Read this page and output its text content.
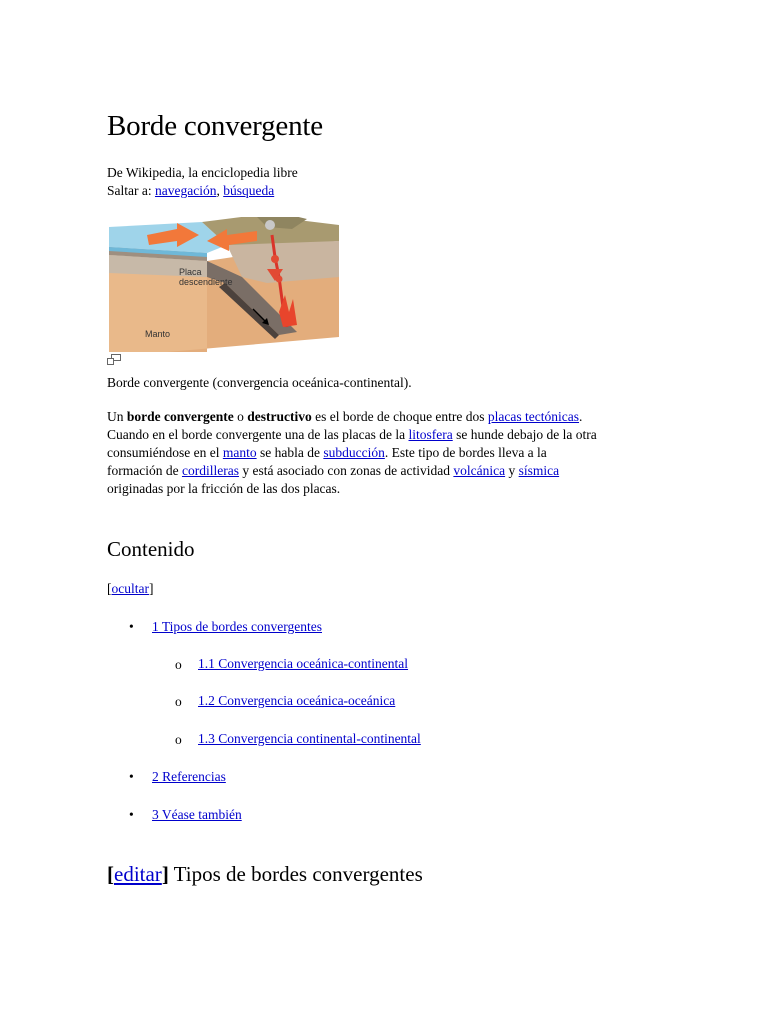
Borde convergente
De Wikipedia, la enciclopedia libre
Saltar a: navegación, búsqueda
Placa
descendiente
Manto
Borde convergente (convergencia oceánica-continental).
Un borde convergente o destructivo es el borde de choque entre dos placas tectónicas.
Cuando en el borde convergente una de las placas de la litosfera se hunde debajo de la otra
consumiéndose en el manto se habla de subducción. Este tipo de bordes lleva a la
formación de cordilleras y está asociado con zonas de actividad volcánica y sísmica
originadas por la fricción de las dos placas.
Contenido
[ocultar]
• 1 Tipos de bordes convergentes
o 1.1 Convergencia oceánica-continental
o 1.2 Convergencia oceánica-oceánica
o 1.3 Convergencia continental-continental
• 2 Referencias
• 3 Véase también
[editar] Tipos de bordes convergentes
